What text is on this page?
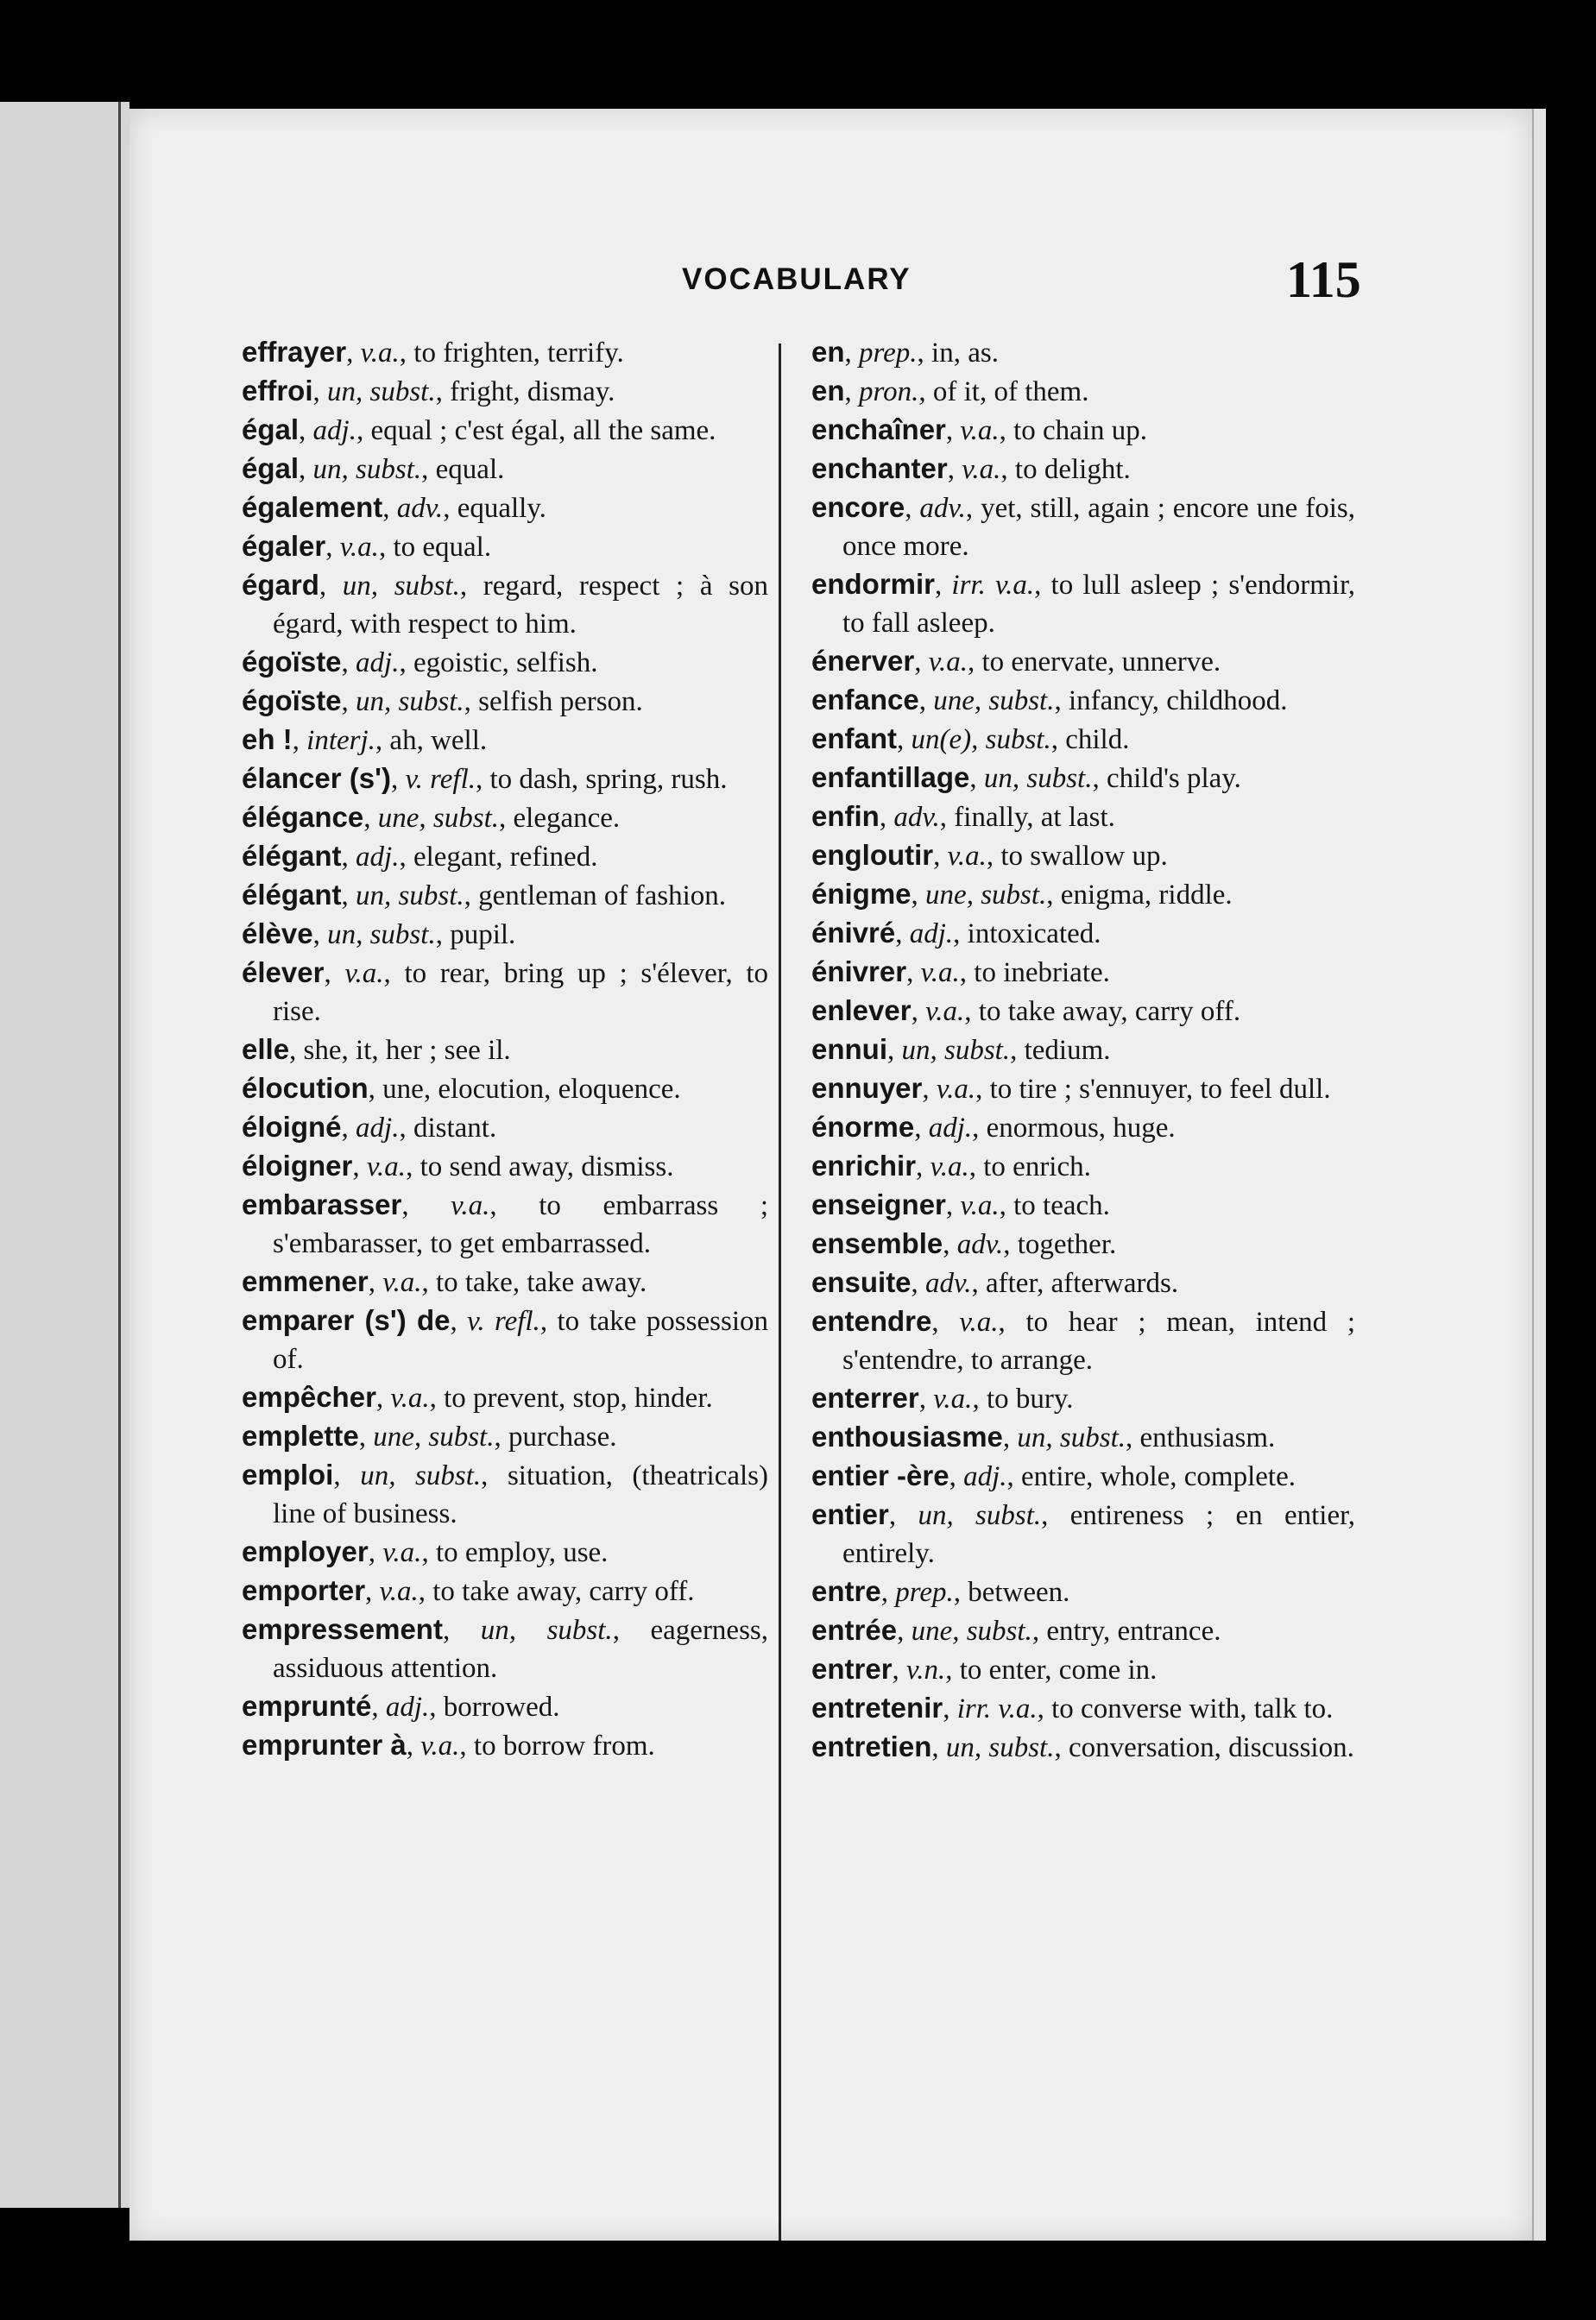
VOCABULARY	115
effrayer, v.a., to frighten, terrify.
effroi, un, subst., fright, dismay.
égal, adj., equal ; c'est égal, all the same.
égal, un, subst., equal.
également, adv., equally.
égaler, v.a., to equal.
égard, un, subst., regard, respect ; à son égard, with respect to him.
égoïste, adj., egoistic, selfish.
égoïste, un, subst., selfish person.
eh !, interj., ah, well.
élancer (s'), v. refl., to dash, spring, rush.
élégance, une, subst., elegance.
élégant, adj., elegant, refined.
élégant, un, subst., gentleman of fashion.
élève, un, subst., pupil.
élever, v.a., to rear, bring up ; s'élever, to rise.
elle, she, it, her ; see il.
élocution, une, elocution, eloquence.
éloigné, adj., distant.
éloigner, v.a., to send away, dismiss.
embarasser, v.a., to embarrass ; s'embarasser, to get embarrassed.
emmener, v.a., to take, take away.
emparer (s') de, v. refl., to take possession of.
empêcher, v.a., to prevent, stop, hinder.
emplette, une, subst., purchase.
emploi, un, subst., situation, (theatricals) line of business.
employer, v.a., to employ, use.
emporter, v.a., to take away, carry off.
empressement, un, subst., eagerness, assiduous attention.
emprunté, adj., borrowed.
emprunter à, v.a., to borrow from.
en, prep., in, as.
en, pron., of it, of them.
enchaîner, v.a., to chain up.
enchanter, v.a., to delight.
encore, adv., yet, still, again ; encore une fois, once more.
endormir, irr. v.a., to lull asleep ; s'endormir, to fall asleep.
énerver, v.a., to enervate, unnerve.
enfance, une, subst., infancy, childhood.
enfant, un(e), subst., child.
enfantillage, un, subst., child's play.
enfin, adv., finally, at last.
engloutir, v.a., to swallow up.
énigme, une, subst., enigma, riddle.
énivré, adj., intoxicated.
énivrer, v.a., to inebriate.
enlever, v.a., to take away, carry off.
ennui, un, subst., tedium.
ennuyer, v.a., to tire ; s'ennuyer, to feel dull.
énorme, adj., enormous, huge.
enrichir, v.a., to enrich.
enseigner, v.a., to teach.
ensemble, adv., together.
ensuite, adv., after, afterwards.
entendre, v.a., to hear ; mean, intend ; s'entendre, to arrange.
enterrer, v.a., to bury.
enthousiasme, un, subst., enthusiasm.
entier -ère, adj., entire, whole, complete.
entier, un, subst., entireness ; en entier, entirely.
entre, prep., between.
entrée, une, subst., entry, entrance.
entrer, v.n., to enter, come in.
entretenir, irr. v.a., to converse with, talk to.
entretien, un, subst., conversation, discussion.
